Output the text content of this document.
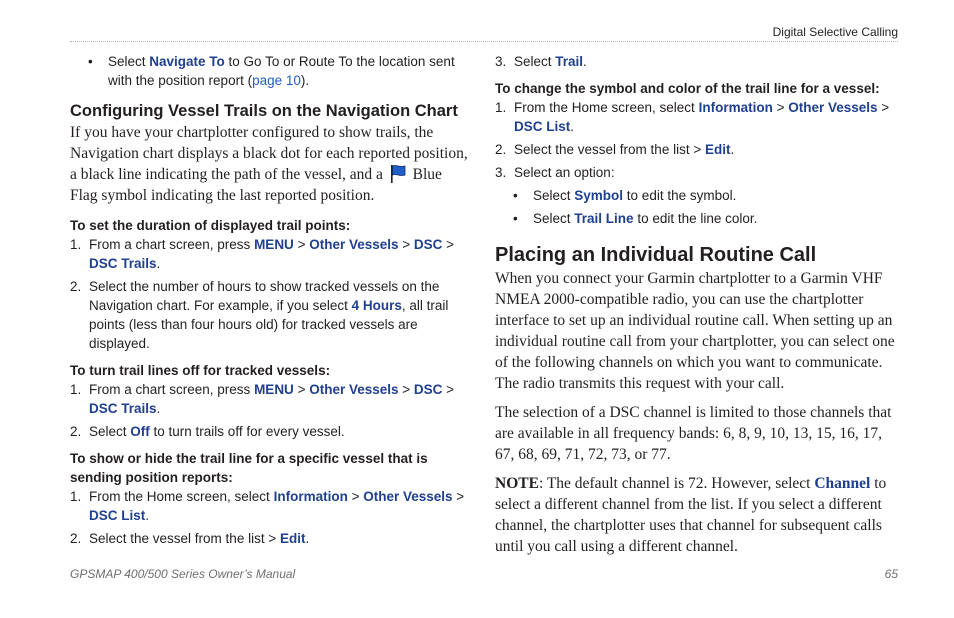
Digital Selective Calling
• Select Navigate To to Go To or Route To the location sent with the position report (page 10).
Configuring Vessel Trails on the Navigation Chart
If you have your chartplotter configured to show trails, the Navigation chart displays a black dot for each reported position, a black line indicating the path of the vessel, and a  Blue Flag symbol indicating the last reported position.
To set the duration of displayed trail points:
1. From a chart screen, press MENU > Other Vessels > DSC > DSC Trails.
2. Select the number of hours to show tracked vessels on the Navigation chart. For example, if you select 4 Hours, all trail points (less than four hours old) for tracked vessels are displayed.
To turn trail lines off for tracked vessels:
1. From a chart screen, press MENU > Other Vessels > DSC > DSC Trails.
2. Select Off to turn trails off for every vessel.
To show or hide the trail line for a specific vessel that is sending position reports:
1. From the Home screen, select Information > Other Vessels > DSC List.
2. Select the vessel from the list > Edit.
3. Select Trail.
To change the symbol and color of the trail line for a vessel:
1. From the Home screen, select Information > Other Vessels > DSC List.
2. Select the vessel from the list > Edit.
3. Select an option:
• Select Symbol to edit the symbol.
• Select Trail Line to edit the line color.
Placing an Individual Routine Call
When you connect your Garmin chartplotter to a Garmin VHF NMEA 2000-compatible radio, you can use the chartplotter interface to set up an individual routine call. When setting up an individual routine call from your chartplotter, you can select one of the following channels on which you want to communicate. The radio transmits this request with your call.
The selection of a DSC channel is limited to those channels that are available in all frequency bands: 6, 8, 9, 10, 13, 15, 16, 17, 67, 68, 69, 71, 72, 73, or 77.
NOTE: The default channel is 72. However, select Channel to select a different channel from the list. If you select a different channel, the chartplotter uses that channel for subsequent calls until you call using a different channel.
GPSMAP 400/500 Series Owner’s Manual	65
